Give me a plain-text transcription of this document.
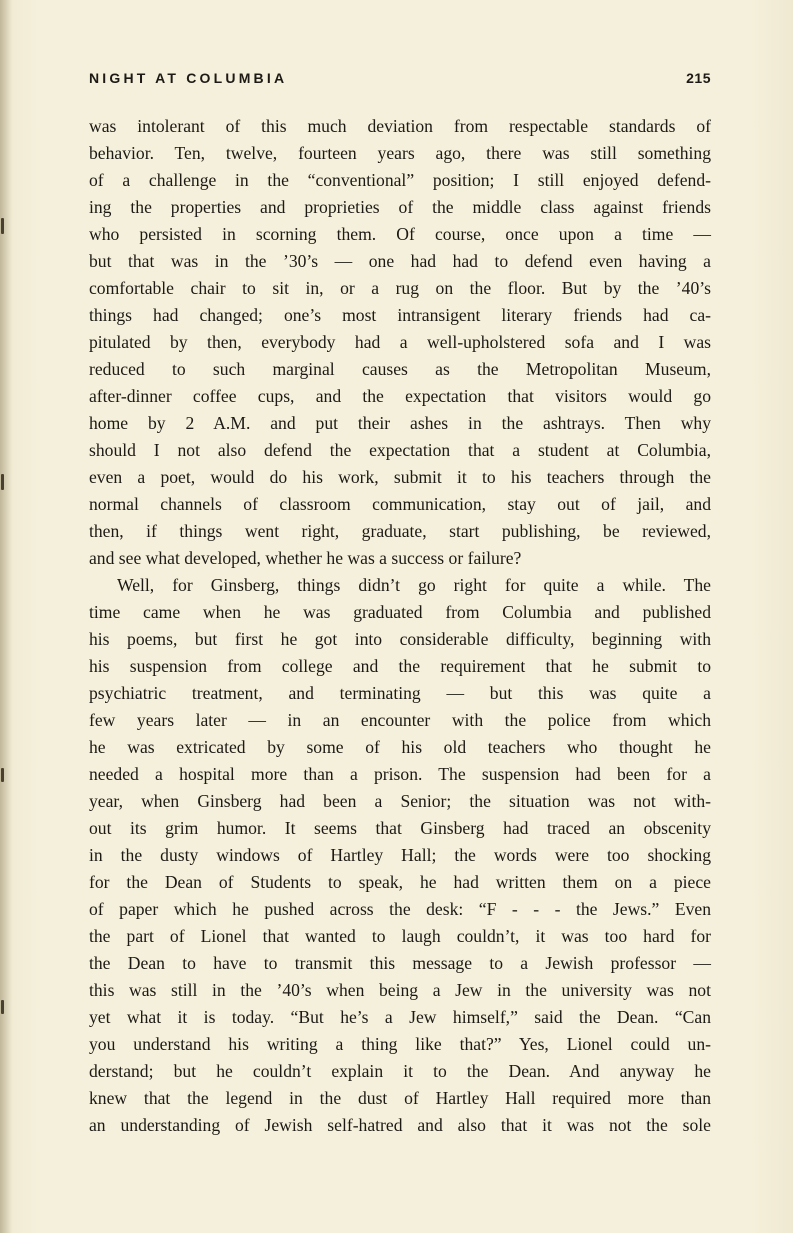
NIGHT AT COLUMBIA	215
was intolerant of this much deviation from respectable standards of
behavior. Ten, twelve, fourteen years ago, there was still something
of a challenge in the “conventional” position; I still enjoyed defend-
ing the properties and proprieties of the middle class against friends
who persisted in scorning them. Of course, once upon a time —
but that was in the ’30’s — one had had to defend even having a
comfortable chair to sit in, or a rug on the floor. But by the ’40’s
things had changed; one’s most intransigent literary friends had ca-
pitulated by then, everybody had a well-upholstered sofa and I was
reduced to such marginal causes as the Metropolitan Museum,
after-dinner coffee cups, and the expectation that visitors would go
home by 2 A.M. and put their ashes in the ashtrays. Then why
should I not also defend the expectation that a student at Columbia,
even a poet, would do his work, submit it to his teachers through the
normal channels of classroom communication, stay out of jail, and
then, if things went right, graduate, start publishing, be reviewed,
and see what developed, whether he was a success or failure?
Well, for Ginsberg, things didn’t go right for quite a while. The
time came when he was graduated from Columbia and published
his poems, but first he got into considerable difficulty, beginning with
his suspension from college and the requirement that he submit to
psychiatric treatment, and terminating — but this was quite a
few years later — in an encounter with the police from which
he was extricated by some of his old teachers who thought he
needed a hospital more than a prison. The suspension had been for a
year, when Ginsberg had been a Senior; the situation was not with-
out its grim humor. It seems that Ginsberg had traced an obscenity
in the dusty windows of Hartley Hall; the words were too shocking
for the Dean of Students to speak, he had written them on a piece
of paper which he pushed across the desk: “F - - - the Jews.” Even
the part of Lionel that wanted to laugh couldn’t, it was too hard for
the Dean to have to transmit this message to a Jewish professor —
this was still in the ’40’s when being a Jew in the university was not
yet what it is today. “But he’s a Jew himself,” said the Dean. “Can
you understand his writing a thing like that?” Yes, Lionel could un-
derstand; but he couldn’t explain it to the Dean. And anyway he
knew that the legend in the dust of Hartley Hall required more than
an understanding of Jewish self-hatred and also that it was not the sole
